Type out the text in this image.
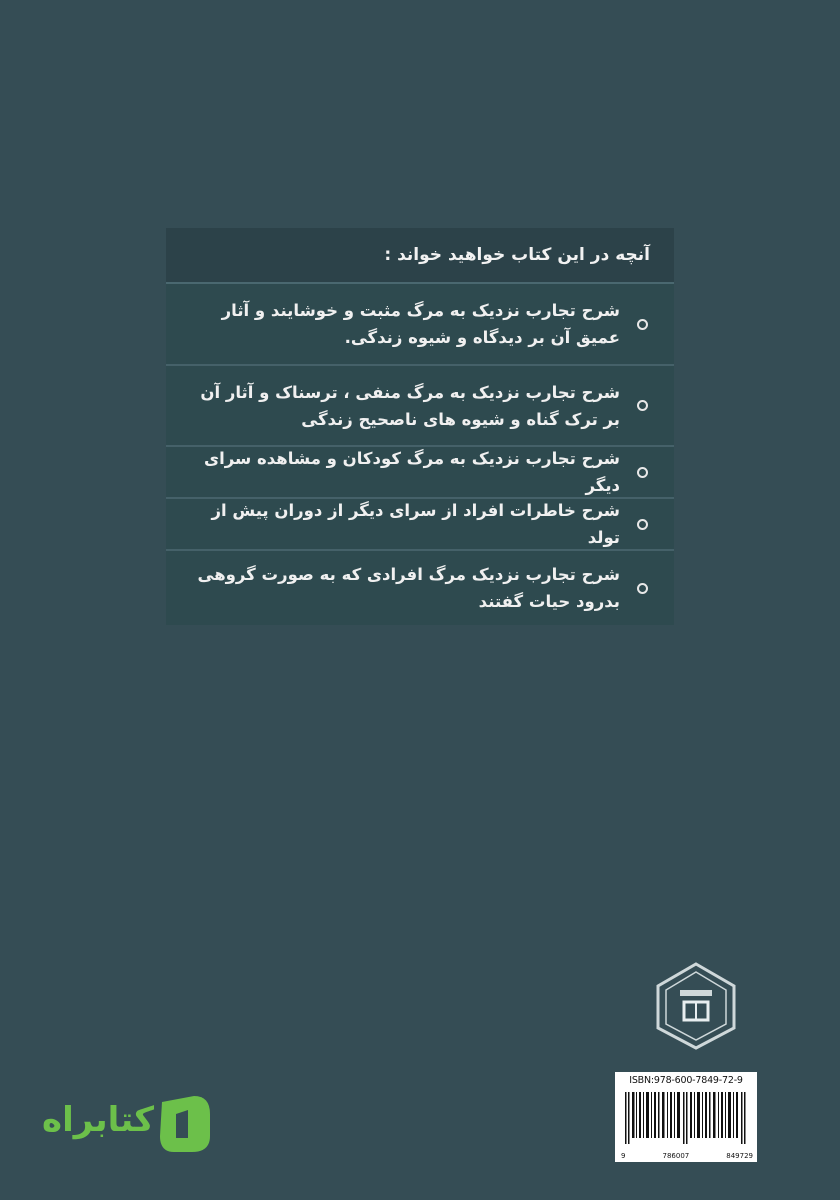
آنچه در این کتاب خواهید خواند :
شرح تجارب نزدیک به مرگ مثبت و خوشایند و آثار عمیق آن بر دیدگاه و شیوه زندگی.
شرح تجارب نزدیک به مرگ منفی ، ترسناک و آثار آن بر ترک گناه و شیوه های ناصحیح زندگی
شرح تجارب نزدیک به مرگ کودکان و مشاهده سرای دیگر
شرح خاطرات افراد از سرای دیگر از دوران پیش از تولد
شرح تجارب نزدیک مرگ افرادی که به صورت گروهی بدرود حیات گفتند
ISBN:978-600-7849-72-9
9	786007	849729
کتابراه
